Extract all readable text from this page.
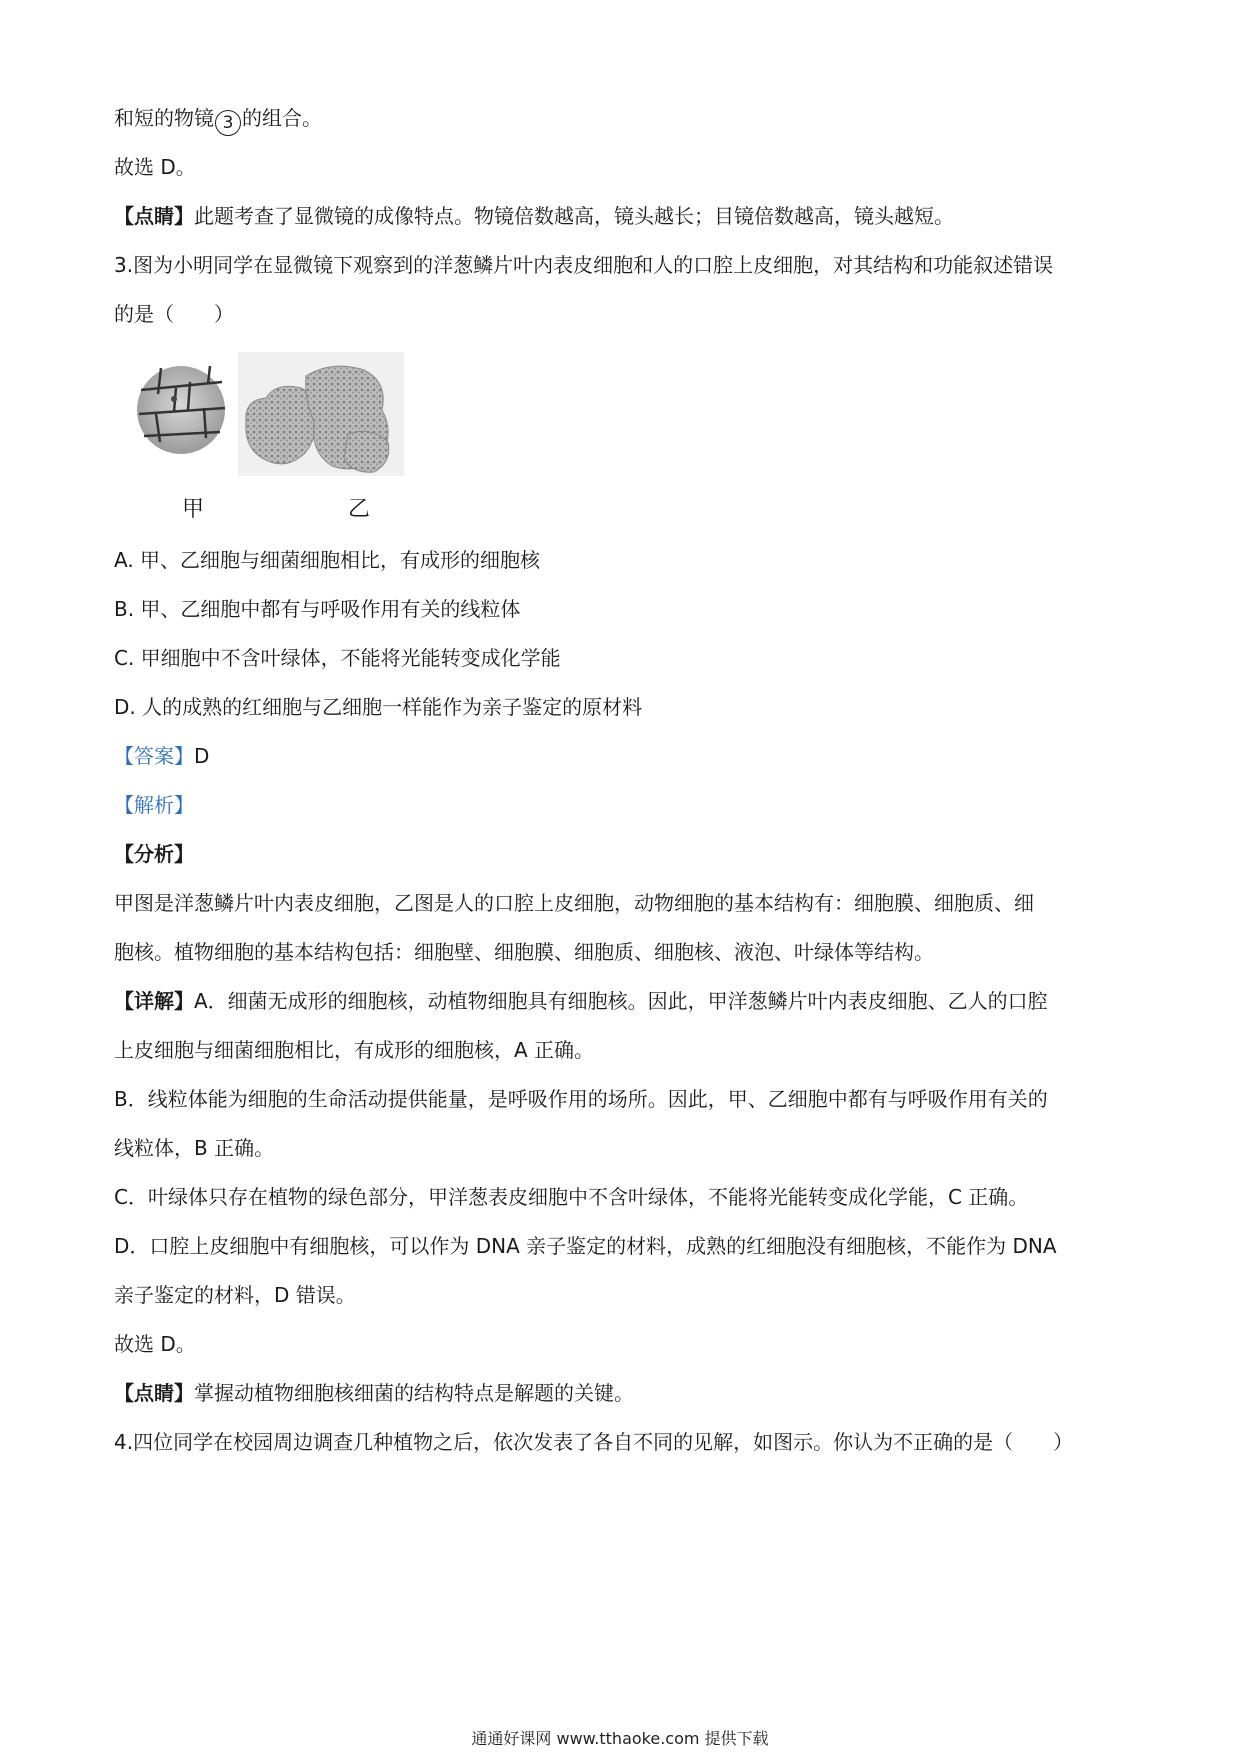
和短的物镜 3 的组合。
故选 D。
【点睛】此题考查了显微镜的成像特点。物镜倍数越高，镜头越长；目镜倍数越高，镜头越短。
3.图为小明同学在显微镜下观察到的洋葱鳞片叶内表皮细胞和人的口腔上皮细胞，对其结构和功能叙述错误
的是（　　）
甲	乙
A. 甲、乙细胞与细菌细胞相比，有成形的细胞核
B. 甲、乙细胞中都有与呼吸作用有关的线粒体
C. 甲细胞中不含叶绿体，不能将光能转变成化学能
D. 人的成熟的红细胞与乙细胞一样能作为亲子鉴定的原材料
【答案】D
【解析】
【分析】
甲图是洋葱鳞片叶内表皮细胞，乙图是人的口腔上皮细胞，动物细胞的基本结构有：细胞膜、细胞质、细
胞核。植物细胞的基本结构包括：细胞壁、细胞膜、细胞质、细胞核、液泡、叶绿体等结构。
【详解】A．细菌无成形的细胞核，动植物细胞具有细胞核。因此，甲洋葱鳞片叶内表皮细胞、乙人的口腔
上皮细胞与细菌细胞相比，有成形的细胞核，A 正确。
B．线粒体能为细胞的生命活动提供能量，是呼吸作用的场所。因此，甲、乙细胞中都有与呼吸作用有关的
线粒体，B 正确。
C．叶绿体只存在植物的绿色部分，甲洋葱表皮细胞中不含叶绿体，不能将光能转变成化学能，C 正确。
D．口腔上皮细胞中有细胞核，可以作为 DNA 亲子鉴定的材料，成熟的红细胞没有细胞核，不能作为 DNA
亲子鉴定的材料，D 错误。
故选 D。
【点睛】掌握动植物细胞核细菌的结构特点是解题的关键。
4.四位同学在校园周边调查几种植物之后，依次发表了各自不同的见解，如图示。你认为不正确的是（　　）
通通好课网 www.tthaoke.com 提供下载
